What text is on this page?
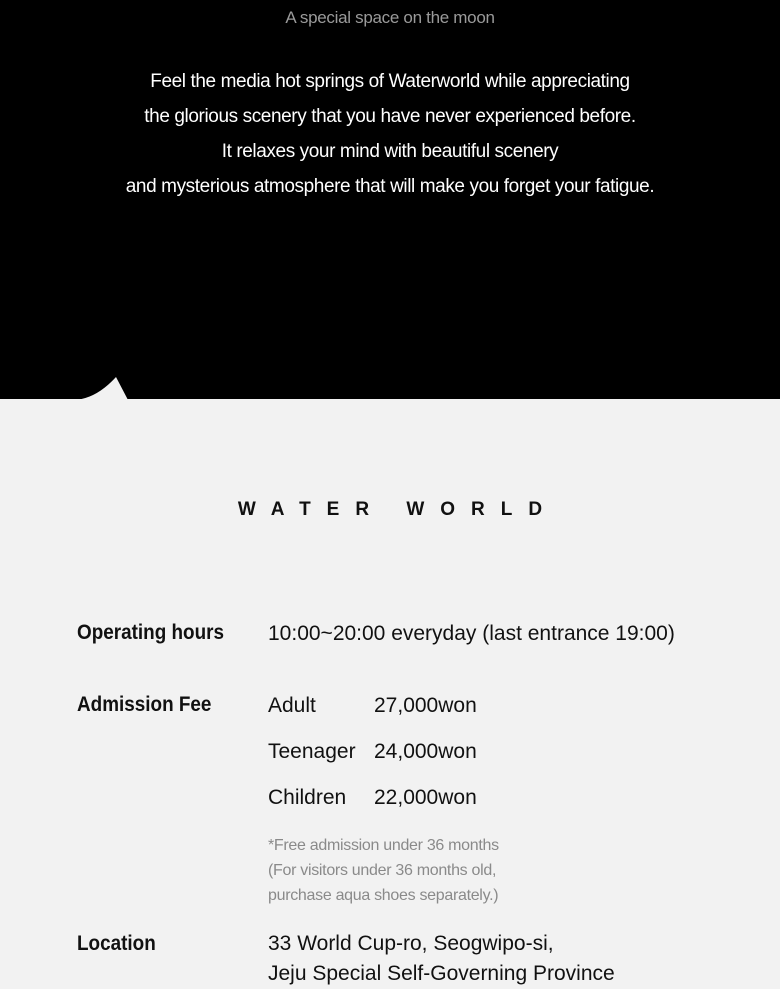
A special space on the moon
Feel the media hot springs of Waterworld while appreciating
the glorious scenery that you have never experienced before.
It relaxes your mind with beautiful scenery
and mysterious atmosphere that will make you forget your fatigue.
WATER WORLD
Operating hours 10:00~20:00 everyday (last entrance 19:00)
Admission Fee	Adult	27,000won
Teenager 24,000won
Children 22,000won
*Free admission under 36 months
(For visitors under 36 months old,
purchase aqua shoes separately.)
Location	33 World Cup-ro, Seogwipo-si,
Jeju Special Self-Governing Province
